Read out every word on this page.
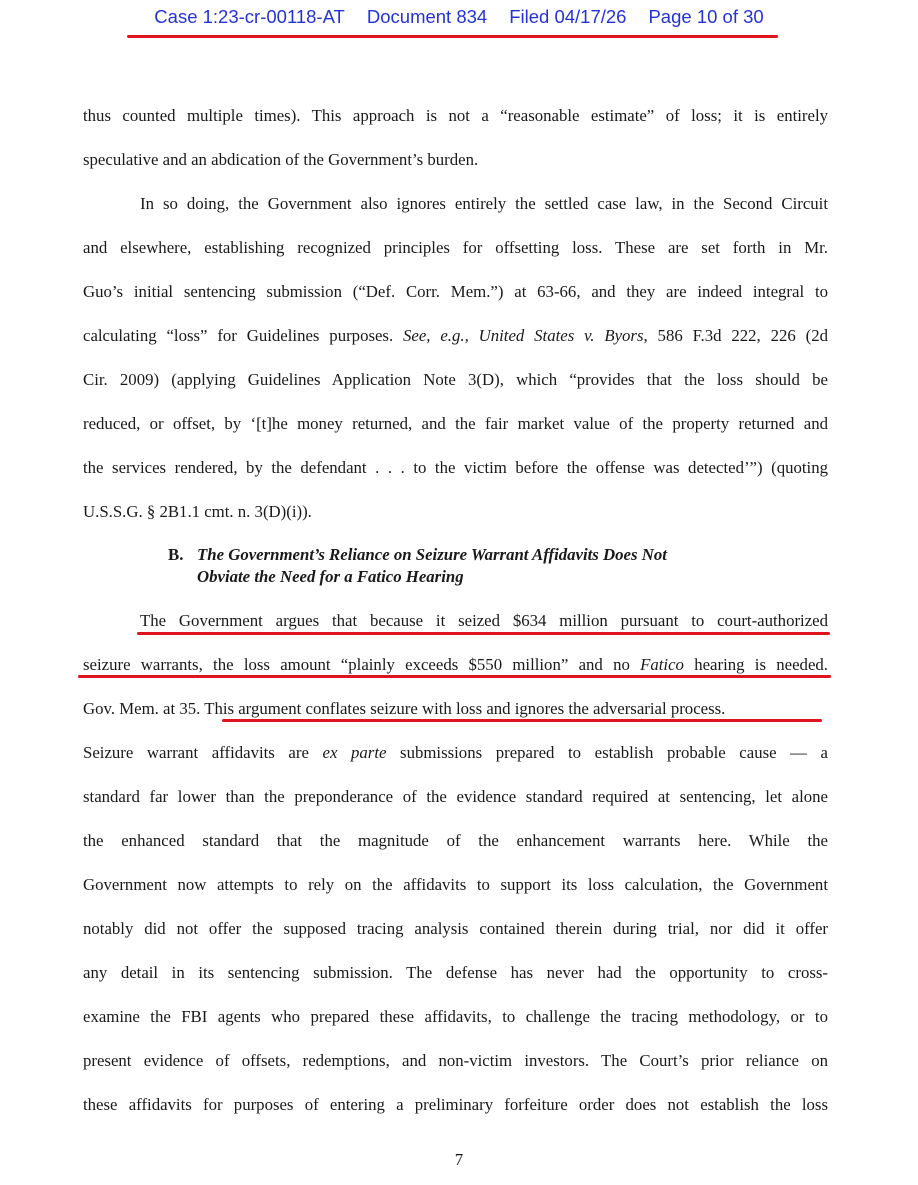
Case 1:23-cr-00118-AT Document 834 Filed 04/17/26 Page 10 of 30
thus counted multiple times). This approach is not a “reasonable estimate” of loss; it is entirely
speculative and an abdication of the Government’s burden.
In so doing, the Government also ignores entirely the settled case law, in the Second Circuit
and elsewhere, establishing recognized principles for offsetting loss. These are set forth in Mr.
Guo’s initial sentencing submission (“Def. Corr. Mem.”) at 63-66, and they are indeed integral to
calculating “loss” for Guidelines purposes. See, e.g., United States v. Byors, 586 F.3d 222, 226 (2d
Cir. 2009) (applying Guidelines Application Note 3(D), which “provides that the loss should be
reduced, or offset, by ‘[t]he money returned, and the fair market value of the property returned and
the services rendered, by the defendant . . . to the victim before the offense was detected’”) (quoting
U.S.S.G. § 2B1.1 cmt. n. 3(D)(i)).
B. The Government’s Reliance on Seizure Warrant Affidavits Does Not
Obviate the Need for a Fatico Hearing
The Government argues that because it seized $634 million pursuant to court-authorized
seizure warrants, the loss amount “plainly exceeds $550 million” and no Fatico hearing is needed.
Gov. Mem. at 35. This argument conflates seizure with loss and ignores the adversarial process.
Seizure warrant affidavits are ex parte submissions prepared to establish probable cause — a
standard far lower than the preponderance of the evidence standard required at sentencing, let alone
the enhanced standard that the magnitude of the enhancement warrants here. While the
Government now attempts to rely on the affidavits to support its loss calculation, the Government
notably did not offer the supposed tracing analysis contained therein during trial, nor did it offer
any detail in its sentencing submission. The defense has never had the opportunity to cross-
examine the FBI agents who prepared these affidavits, to challenge the tracing methodology, or to
present evidence of offsets, redemptions, and non-victim investors. The Court’s prior reliance on
these affidavits for purposes of entering a preliminary forfeiture order does not establish the loss
7
